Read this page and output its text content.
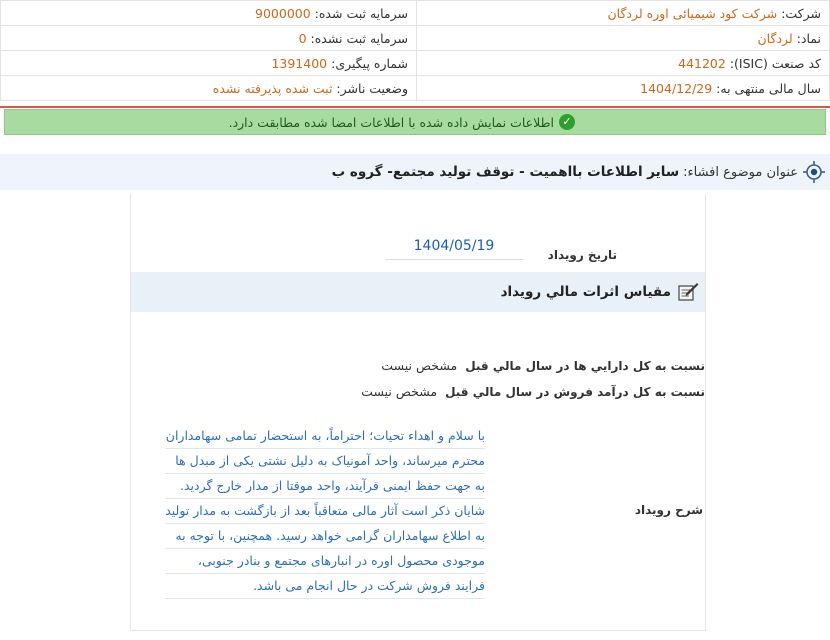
شرکت: شرکت کود شیمیائی اوره لردگان	سرمایه ثبت شده: 9000000
نماد: لردگان	سرمایه ثبت نشده: 0
کد صنعت (ISIC): 441202	شماره پیگیری: 1391400
سال مالی منتهی به: 1404/12/29	وضعیت ناشر: ثبت شده پذیرفته نشده
✓
اطلاعات نمایش داده شده با اطلاعات امضا شده مطابقت دارد.
عنوان موضوع افشاء:
سایر اطلاعات بااهمیت - توقف تولید مجتمع- گروه ب
تاريخ رويداد
1404/05/19
مقياس اثرات مالي رويداد
نسبت به کل دارايي ها در سال مالي قبل
مشخص نيست
نسبت به کل درآمد فروش در سال مالي قبل
مشخص نيست
شرح رويداد
با سلام و اهداء تحيات؛ احتراماً، به استحضار تمامی سهامداران
محترم میرساند، واحد آمونیاک به دلیل نشتی یکی از مبدل ها
به جهت حفظ ایمنی فرآیند، واحد موقتا از مدار خارج گردید.
شایان ذکر است آثار مالی متعاقباً بعد از بازگشت به مدار تولید
به اطلاع سهامداران گرامی خواهد رسید. همچنین، با توجه به
موجودی محصول اوره در انبارهای مجتمع و بنادر جنوبی،
فرایند فروش شرکت در حال انجام می باشد.
